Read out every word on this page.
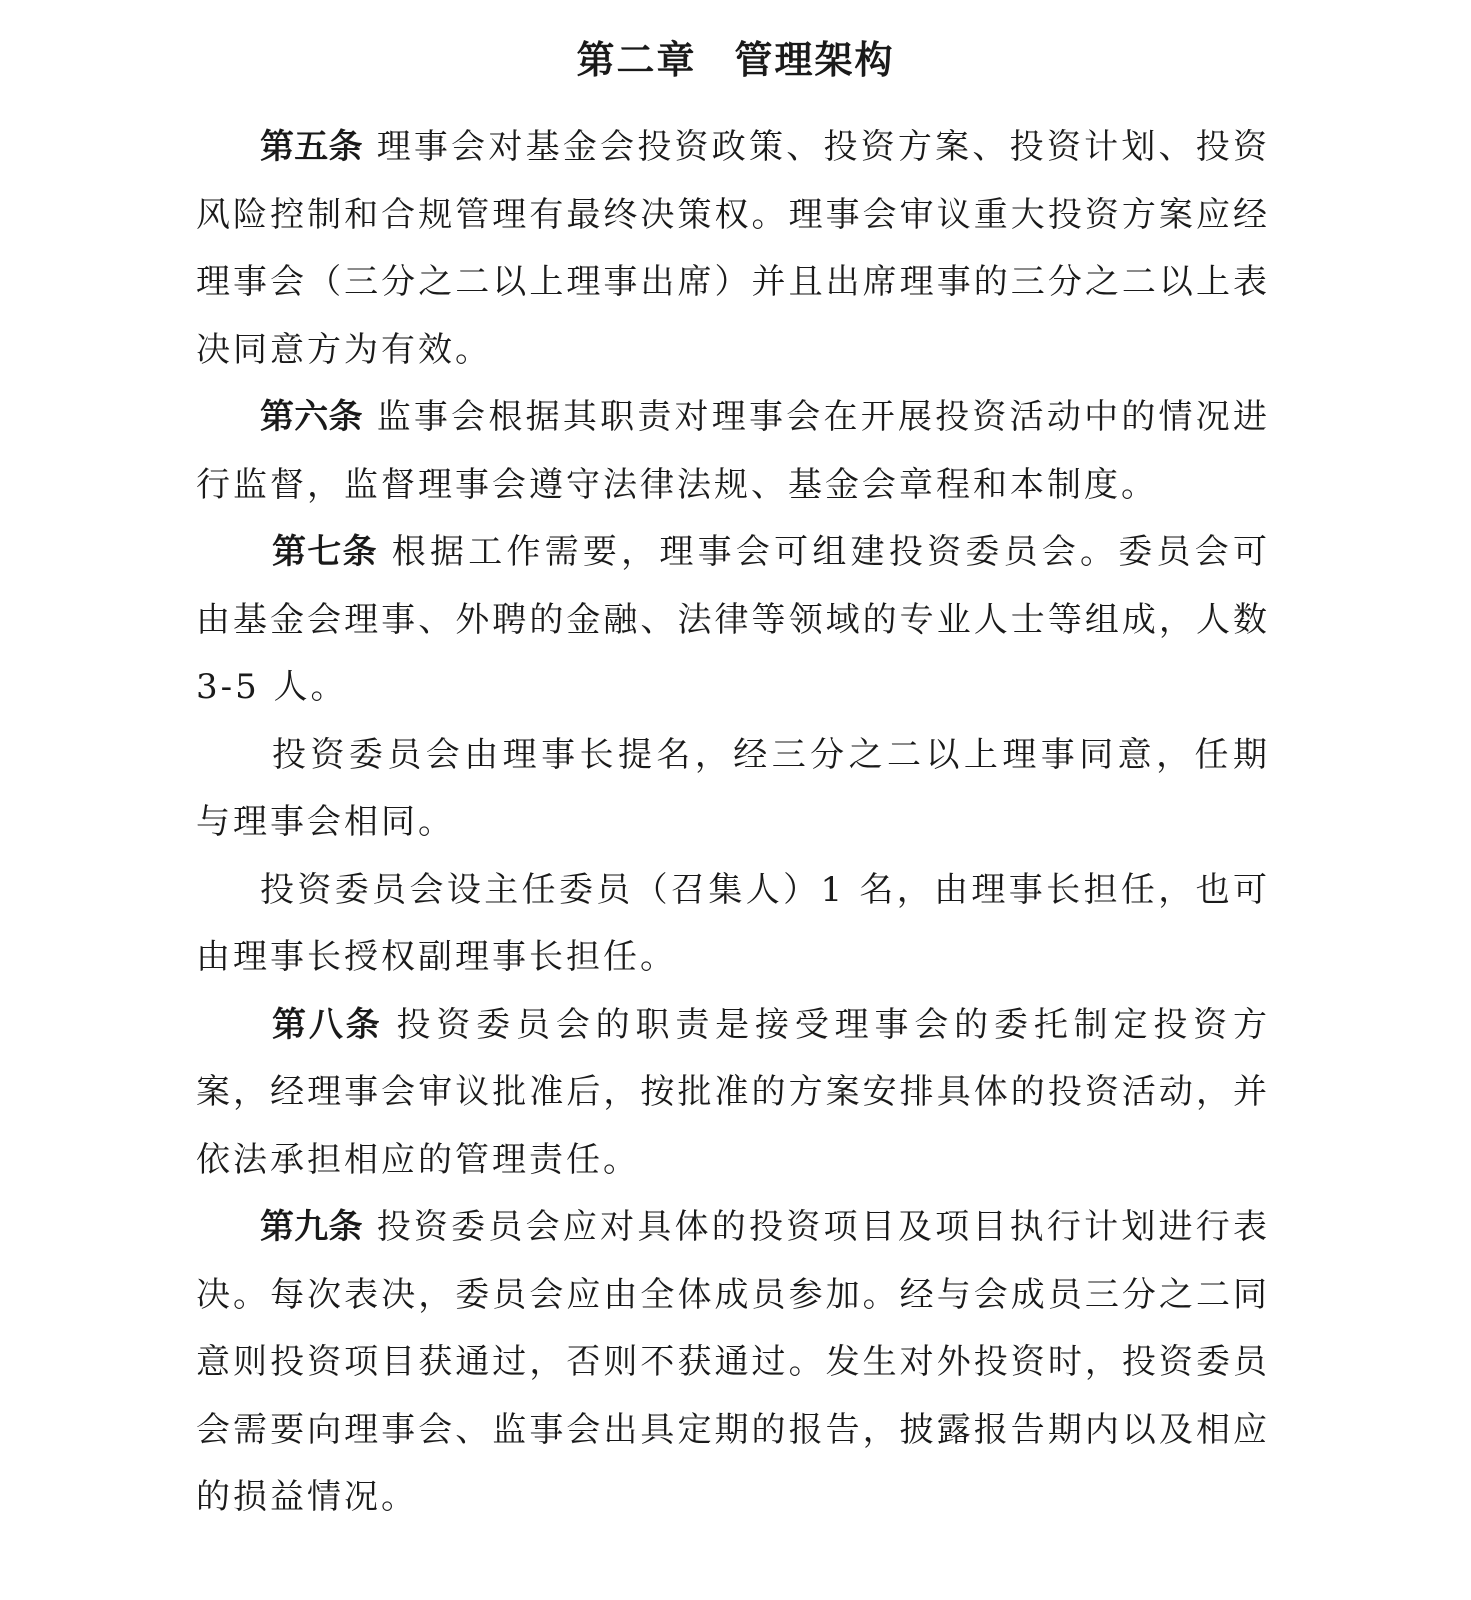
第二章 管理架构

第五条 理事会对基金会投资政策、投资方案、投资计划、投资风险控制和合规管理有最终决策权。理事会审议重大投资方案应经理事会（三分之二以上理事出席）并且出席理事的三分之二以上表决同意方为有效。

第六条 监事会根据其职责对理事会在开展投资活动中的情况进行监督，监督理事会遵守法律法规、基金会章程和本制度。

第七条 根据工作需要，理事会可组建投资委员会。委员会可由基金会理事、外聘的金融、法律等领域的专业人士等组成，人数 3-5 人。

投资委员会由理事长提名，经三分之二以上理事同意，任期与理事会相同。

投资委员会设主任委员（召集人）1 名，由理事长担任，也可由理事长授权副理事长担任。

第八条 投资委员会的职责是接受理事会的委托制定投资方案，经理事会审议批准后，按批准的方案安排具体的投资活动，并依法承担相应的管理责任。

第九条 投资委员会应对具体的投资项目及项目执行计划进行表决。每次表决，委员会应由全体成员参加。经与会成员三分之二同意则投资项目获通过，否则不获通过。发生对外投资时，投资委员会需要向理事会、监事会出具定期的报告，披露报告期内以及相应的损益情况。
